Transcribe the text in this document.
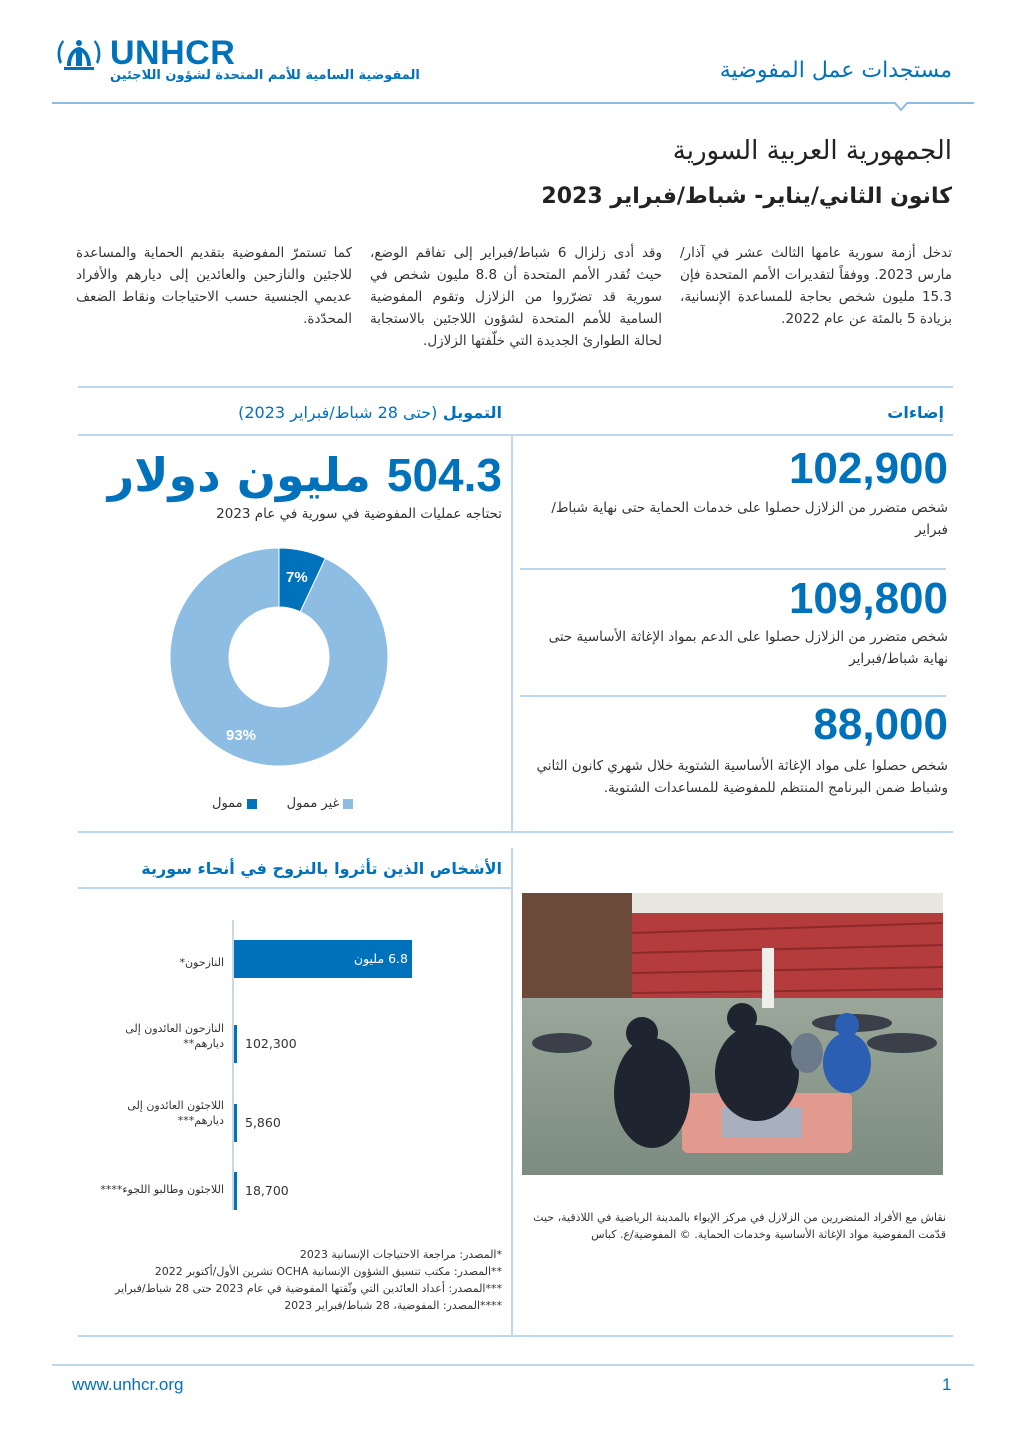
UNHCR
المفوضية السامية للأمم المتحدة لشؤون اللاجئين	مستجدات عمل المفوضية
الجمهورية العربية السورية
كانون الثاني/يناير- شباط/فبراير 2023

تدخل أزمة سورية عامها الثالث عشر في آذار/مارس 2023. ووفقاً لتقديرات الأمم المتحدة فإن 15.3 مليون شخص بحاجة للمساعدة الإنسانية، بزيادة 5 بالمئة عن عام 2022.

وقد أدى زلزال 6 شباط/فبراير إلى تفاقم الوضع، حيث تُقدر الأمم المتحدة أن 8.8 مليون شخص في سورية قد تضرّروا من الزلازل وتقوم المفوضية السامية للأمم المتحدة لشؤون اللاجئين بالاستجابة لحالة الطوارئ الجديدة التي خلّفتها الزلازل.

كما تستمرّ المفوضية بتقديم الحماية والمساعدة للاجئين والنازحين والعائدين إلى ديارهم والأفراد عديمي الجنسية حسب الاحتياجات ونقاط الضعف المحدّدة.

إضاءات
102,900
شخص متضرر من الزلازل حصلوا على خدمات الحماية حتى نهاية شباط/فبراير
109,800
شخص متضرر من الزلازل حصلوا على الدعم بمواد الإغاثة الأساسية حتى نهاية شباط/فبراير
88,000
شخص حصلوا على مواد الإغاثة الأساسية الشتوية خلال شهري كانون الثاني وشباط ضمن البرنامج المنتظم للمفوضية للمساعدات الشتوية.
التمويل (حتى 28 شباط/فبراير 2023)
504.3 مليون دولار
تحتاجه عمليات المفوضية في سورية في عام 2023
7%
93%
غير ممول
ممول
الأشخاص الذين تأثروا بالنزوح في أنحاء سورية
النازحون*
النازحون العائدون إلى ديارهم**
اللاجئون العائدون إلى ديارهم***
اللاجئون وطالبو اللجوء****
6.8 مليون
102,300
5,860
18,700
*المصدر: مراجعة الاحتياجات الإنسانية 2023
**المصدر: مكتب تنسيق الشؤون الإنسانية OCHA تشرين الأول/أكتوبر 2022
***المصدر: أعداد العائدين التي وثّقتها المفوضية في عام 2023 حتى 28 شباط/فبراير
****المصدر: المفوضية، 28 شباط/فبراير 2023
نقاش مع الأفراد المتضررين من الزلازل في مركز الإيواء بالمدينة الرياضية في اللاذقية، حيث قدّمت المفوضية مواد الإغاثة الأساسية وخدمات الحماية. © المفوضية/ع. كباس
www.unhcr.org	1
